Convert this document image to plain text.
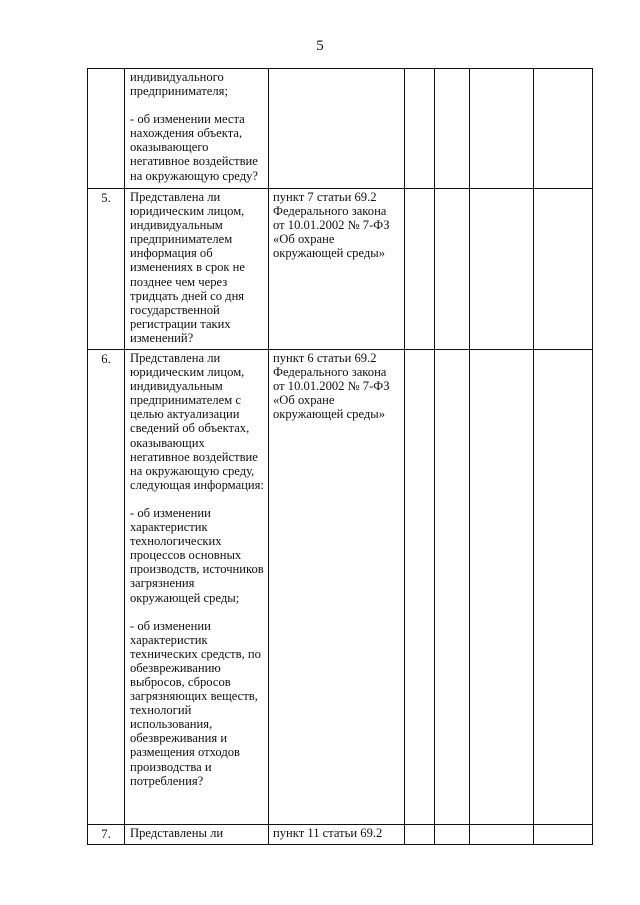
5

	индивидуального предпринимателя;
- об изменении места нахождения объекта, оказывающего негативное воздействие на окружающую среду?					

5.	Представлена ли юридическим лицом, индивидуальным предпринимателем информация об изменениях в срок не позднее чем через тридцать дней со дня государственной регистрации таких изменений?	пункт 7 статьи 69.2 Федерального закона от 10.01.2002 № 7-ФЗ «Об охране окружающей среды»				
6.	Представлена ли юридическим лицом, индивидуальным предпринимателем с целью актуализации сведений об объектах, оказывающих негативное воздействие на окружающую среду, следующая информация:
- об изменении характеристик технологических процессов основных производств, источников загрязнения окружающей среды;
- об изменении характеристик технических средств, по обезвреживанию выбросов, сбросов загрязняющих веществ, технологий использования, обезвреживания и размещения отходов производства и потребления?	пункт 6 статьи 69.2 Федерального закона от 10.01.2002 № 7-ФЗ «Об охране окружающей среды»				
7.	Представлены ли	пункт 11 статьи 69.2				
